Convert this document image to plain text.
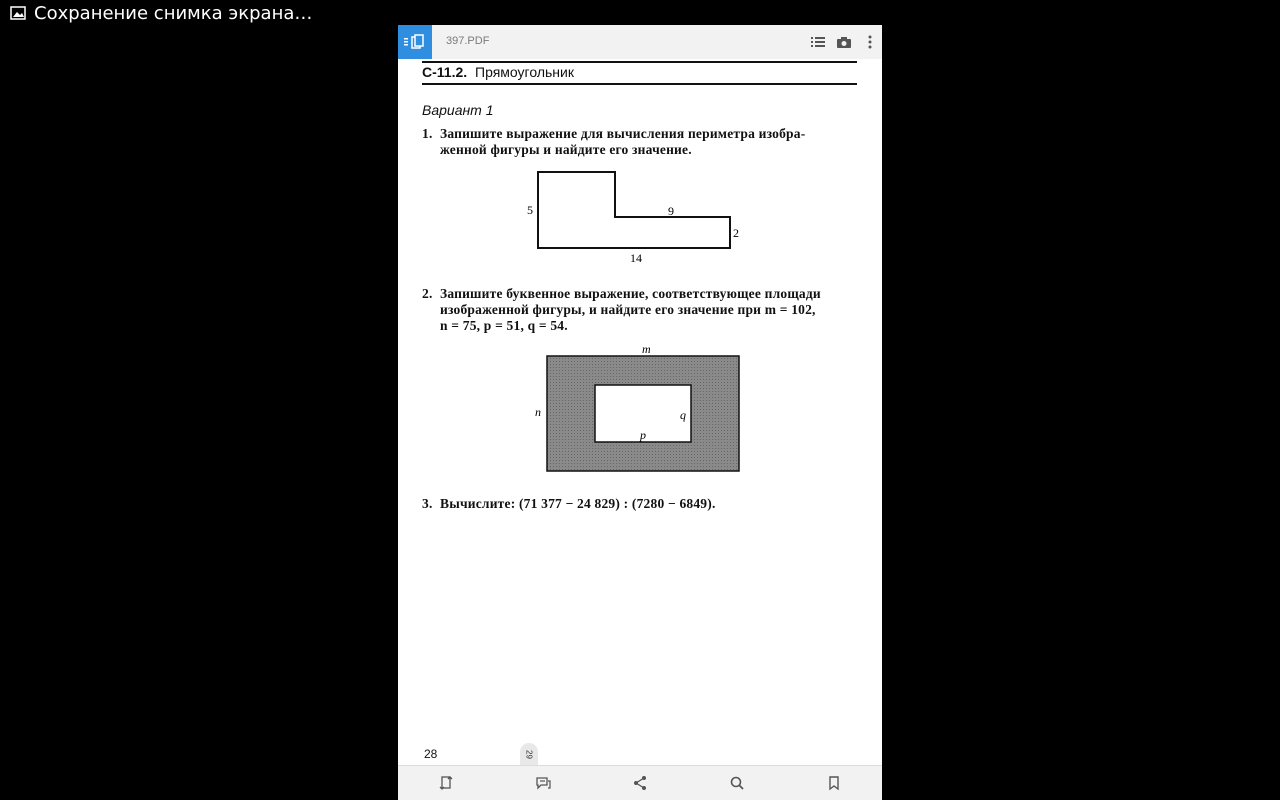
Сохранение снимка экрана…
397.PDF
С-11.2. Прямоугольник
Вариант 1
1. Запишите выражение для вычисления периметра изобра-
женной фигуры и найдите его значение.
5	9
2
14
2. Запишите буквенное выражение, соответствующее площади
изображенной фигуры, и найдите его значение при m = 102,
n = 75, p = 51, q = 54.
m
n	q
p
3. Вычислите: (71 377 − 24 829) : (7280 − 6849).
28	29
